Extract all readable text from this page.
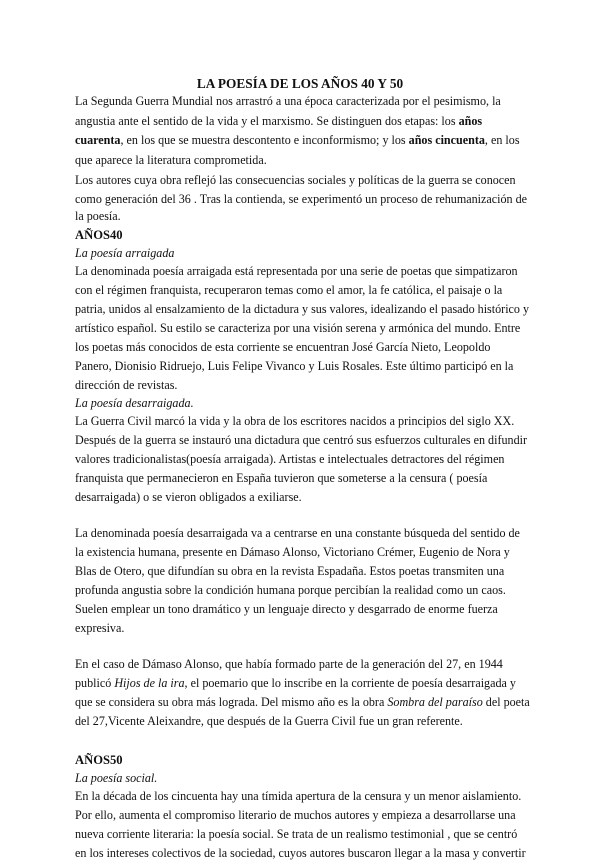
LA POESÍA DE LOS AÑOS 40 Y 50
La Segunda Guerra Mundial nos arrastró a una época caracterizada por el pesimismo, la
angustia ante el sentido de la vida y el marxismo. Se distinguen dos etapas: los años
cuarenta, en los que se muestra descontento e inconformismo; y los años cincuenta, en los
que aparece la literatura comprometida.
Los autores cuya obra reflejó las consecuencias sociales y políticas de la guerra se conocen
como generación del 36 . Tras la contienda, se experimentó un proceso de rehumanización de
la poesía.
AÑOS40
La poesía arraigada
La denominada poesía arraigada está representada por una serie de poetas que simpatizaron
con el régimen franquista, recuperaron temas como el amor, la fe católica, el paisaje o la
patria, unidos al ensalzamiento de la dictadura y sus valores, idealizando el pasado histórico y
artístico español. Su estilo se caracteriza por una visión serena y armónica del mundo. Entre
los poetas más conocidos de esta corriente se encuentran José García Nieto, Leopoldo
Panero, Dionisio Ridruejo, Luis Felipe Vivanco y Luis Rosales. Este último participó en la
dirección de revistas.
La poesía desarraigada.
La Guerra Civil marcó la vida y la obra de los escritores nacidos a principios del siglo XX.
Después de la guerra se instauró una dictadura que centró sus esfuerzos culturales en difundir
valores tradicionalistas(poesía arraigada). Artistas e intelectuales detractores del régimen
franquista que permanecieron en España tuvieron que someterse a la censura ( poesía
desarraigada) o se vieron obligados a exiliarse.
La denominada poesía desarraigada va a centrarse en una constante búsqueda del sentido de
la existencia humana, presente en Dámaso Alonso, Victoriano Crémer, Eugenio de Nora y
Blas de Otero, que difundían su obra en la revista Espadaña. Estos poetas transmiten una
profunda angustia sobre la condición humana porque percibían la realidad como un caos.
Suelen emplear un tono dramático y un lenguaje directo y desgarrado de enorme fuerza
expresiva.
En el caso de Dámaso Alonso, que había formado parte de la generación del 27, en 1944
publicó Hijos de la ira, el poemario que lo inscribe en la corriente de poesía desarraigada y
que se considera su obra más lograda. Del mismo año es la obra Sombra del paraíso del poeta
del 27,Vicente Aleixandre, que después de la Guerra Civil fue un gran referente.
AÑOS50
La poesía social.
En la década de los cincuenta hay una tímida apertura de la censura y un menor aislamiento.
Por ello, aumenta el compromiso literario de muchos autores y empieza a desarrollarse una
nueva corriente literaria: la poesía social. Se trata de un realismo testimonial , que se centró
en los intereses colectivos de la sociedad, cuyos autores buscaron llegar a la masa y convertir
